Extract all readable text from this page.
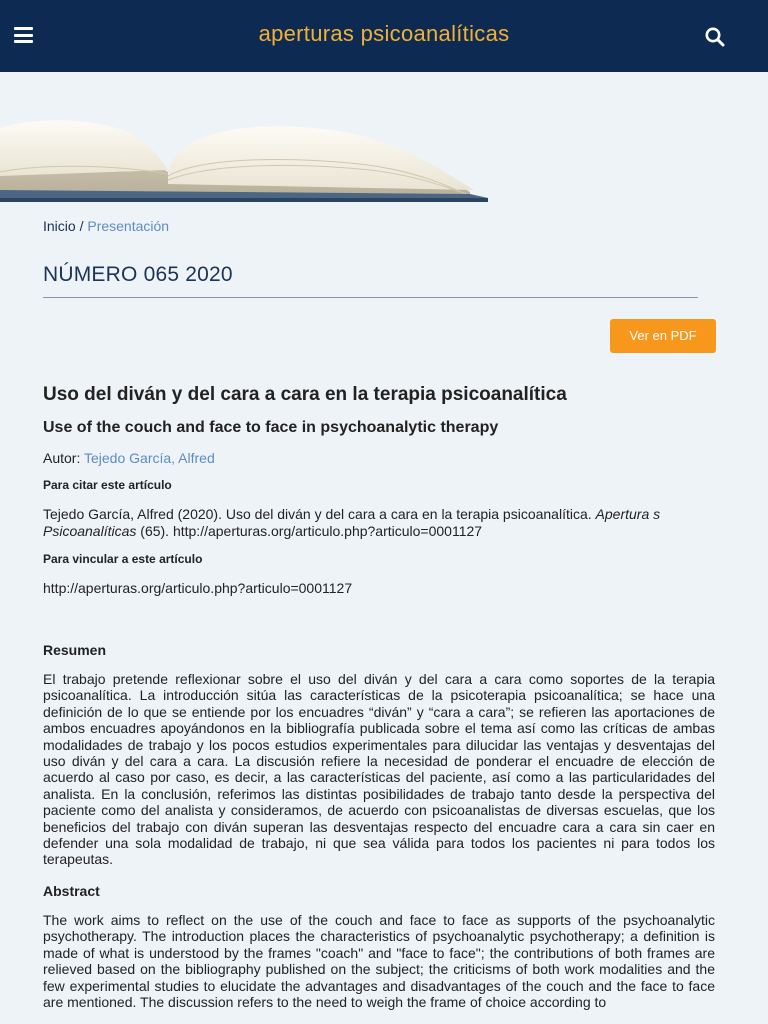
aperturas psicoanalíticas
Inicio / Presentación
NÚMERO 065 2020
Ver en PDF
Uso del diván y del cara a cara en la terapia psicoanalítica
Use of the couch and face to face in psychoanalytic therapy
Autor: Tejedo García, Alfred
Para citar este artículo
Tejedo García, Alfred (2020). Uso del diván y del cara a cara en la terapia psicoanalítica. Apertura s Psicoanalíticas (65). http://aperturas.org/articulo.php?articulo=0001127
Para vincular a este artículo
http://aperturas.org/articulo.php?articulo=0001127
Resumen
El trabajo pretende reflexionar sobre el uso del diván y del cara a cara como soportes de la terapia psicoanalítica. La introducción sitúa las características de la psicoterapia psicoanalítica; se hace una definición de lo que se entiende por los encuadres “diván” y “cara a cara”; se refieren las aportaciones de ambos encuadres apoyándonos en la bibliografía publicada sobre el tema así como las críticas de ambas modalidades de trabajo y los pocos estudios experimentales para dilucidar las ventajas y desventajas del uso diván y del cara a cara. La discusión refiere la necesidad de ponderar el encuadre de elección de acuerdo al caso por caso, es decir, a las características del paciente, así como a las particularidades del analista. En la conclusión, referimos las distintas posibilidades de trabajo tanto desde la perspectiva del paciente como del analista y consideramos, de acuerdo con psicoanalistas de diversas escuelas, que los beneficios del trabajo con diván superan las desventajas respecto del encuadre cara a cara sin caer en defender una sola modalidad de trabajo, ni que sea válida para todos los pacientes ni para todos los terapeutas.
Abstract
The work aims to reflect on the use of the couch and face to face as supports of the psychoanalytic psychotherapy. The introduction places the characteristics of psychoanalytic psychotherapy; a definition is made of what is understood by the frames "coach" and "face to face"; the contributions of both frames are relieved based on the bibliography published on the subject; the criticisms of both work modalities and the few experimental studies to elucidate the advantages and disadvantages of the couch and the face to face are mentioned. The discussion refers to the need to weigh the frame of choice according to
